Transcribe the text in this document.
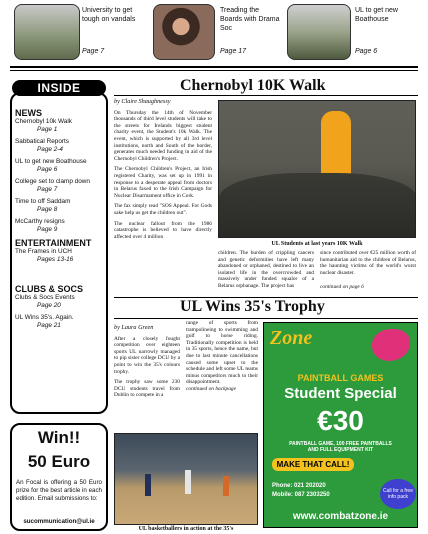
University to get tough on vandals
Page 7
Treading the Boards with Drama Soc
Page 17
UL to get new Boathouse
Page 6

NEWS

Chernobyl 10k Walk
Page 1
Sabbatical Reports
Page 2-4
UL to get new Boathouse
Page 6
College set to clamp down
Page 7
Time to off Saddam
Page 8
McCarthy resigns
Page 9

ENTERTAINMENT

The Frames in UCH
Pages 13-16

CLUBS & SOCS

Clubs & Socs Events
Page 20
UL Wins 35's. Again.
Page 21
INSIDE
Win!!
50 Euro
An Focal is offering a 50 Euro prize for the best article in each edition. Email submissions to:
sucommunication@ul.ie
Chernobyl 10K Walk
by Claire Shaughnessy
On Thursday the 14th of November thousands of third level students will take to the streets for Irelands biggest student charity event, the Student's 10k Walk. The event, which is supported by all 3rd level institutions, north and South of the border, generates much needed funding in aid of the Chernobyl Children's Project.
The Chernobyl Children's Project, an Irish registered Charity, was set up in 1991 in response to a desperate appeal from doctors in Belarus faxed to the Irish Campaign for Nuclear Disarmament office in Cork.
The fax simply read "SOS Appeal. For Gods sake help us get the children out".
The nuclear fallout from the 1986 catastrophe is believed to have directly affected over 4 million
UL Students at last years 10K Walk
children. The burden of crippling cancers and genetic deformities have left many abandoned or orphaned, destined to live an isolated life in the overcrowded and massively under funded squalor of a Belarus orphanage. The project has
since contributed over €25 million worth of humanitarian aid to the children of Belarus, the haunting victims of the world's worst nuclear disaster.
continued on page 6
UL Wins 35's Trophy
by Laura Green
After a closely fought competition over eighteen sports UL narrowly managed to pip sister college DCU by a point to win the 35's colours trophy.
The trophy saw some 230 DCU students travel from Dublin to compete in a
range of sports from trampolineing to swimming and golf to horse riding. Traditionally competition is held in 35 sports, hence the name, but due to last minute cancellations caused some upset to the schedule and left some UL teams minus competitors much to their disappointment.
continued on backpage
UL basketballers in action at the 35's
Zone
PAINTBALL GAMES
Student Special
€30
PAINTBALL GAME, 100 FREE PAINTBALLS AND FULL EQUIPMENT KIT
MAKE THAT CALL!
Phone: 021 202020
Mobile: 087 2303250
www.combatzone.ie
Call for a free info pack
